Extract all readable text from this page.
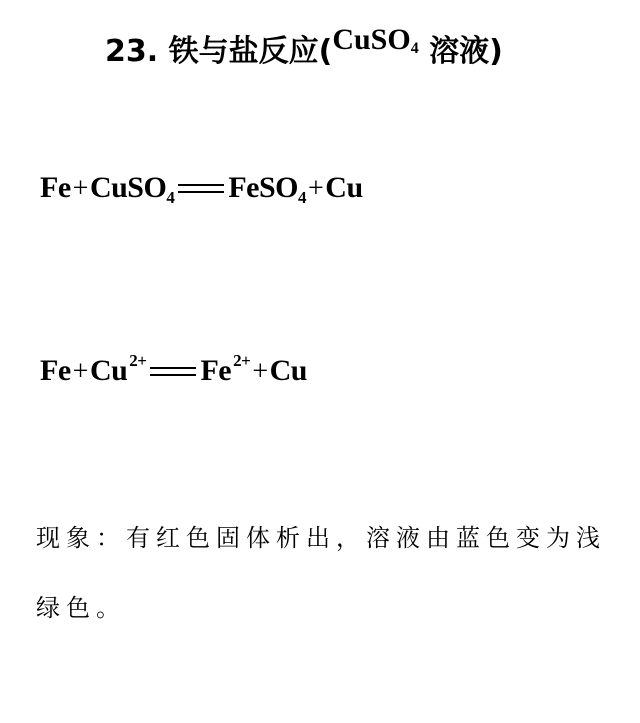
23. 铁与盐反应(CuSO$_4$ 溶液)
Fe+CuSO$_4$ FeSO$_4$+Cu
Fe+Cu $^{2+}$ Fe $^{2+}$+Cu
现象：有红色固体析出，溶液由蓝色变为浅绿色。
